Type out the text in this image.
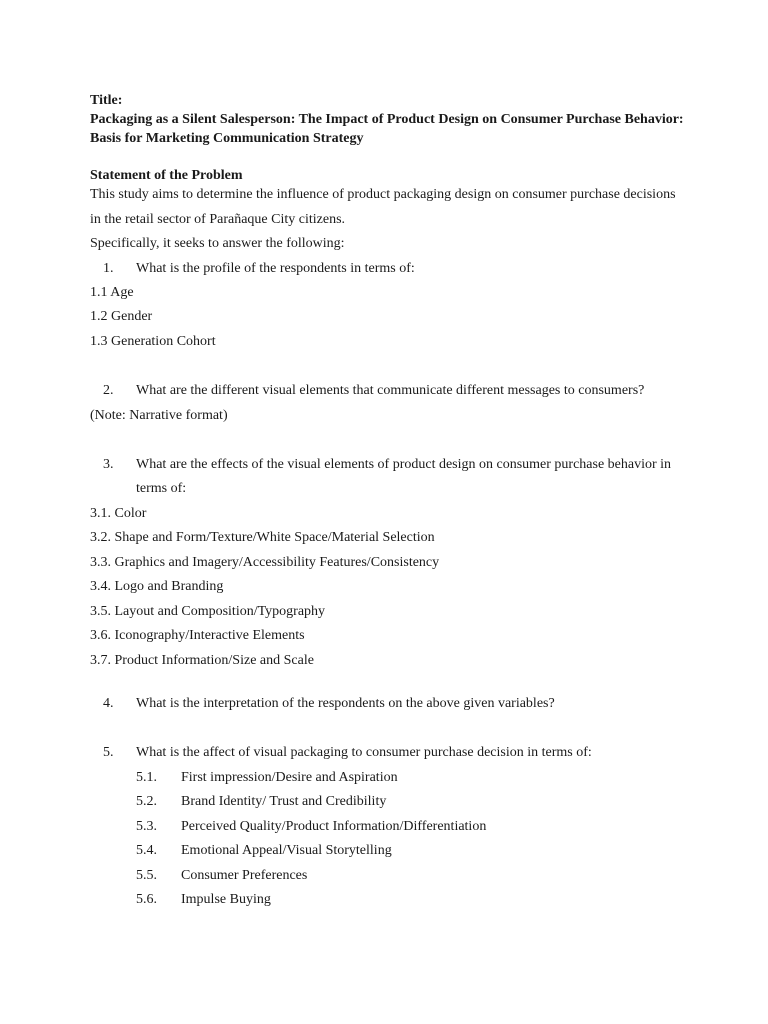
Title:
Packaging as a Silent Salesperson: The Impact of Product Design on Consumer Purchase Behavior:
Basis for Marketing Communication Strategy
Statement of the Problem
This study aims to determine the influence of product packaging design on consumer purchase decisions
in the retail sector of Parañaque City citizens.
Specifically, it seeks to answer the following:
1. What is the profile of the respondents in terms of:
1.1 Age
1.2 Gender
1.3 Generation Cohort
2. What are the different visual elements that communicate different messages to consumers?
(Note: Narrative format)
3. What are the effects of the visual elements of product design on consumer purchase behavior in
terms of:
3.1. Color
3.2. Shape and Form/Texture/White Space/Material Selection
3.3. Graphics and Imagery/Accessibility Features/Consistency
3.4. Logo and Branding
3.5. Layout and Composition/Typography
3.6. Iconography/Interactive Elements
3.7. Product Information/Size and Scale
4. What is the interpretation of the respondents on the above given variables?
5. What is the affect of visual packaging to consumer purchase decision in terms of:
5.1. First impression/Desire and Aspiration
5.2. Brand Identity/ Trust and Credibility
5.3. Perceived Quality/Product Information/Differentiation
5.4. Emotional Appeal/Visual Storytelling
5.5. Consumer Preferences
5.6. Impulse Buying
